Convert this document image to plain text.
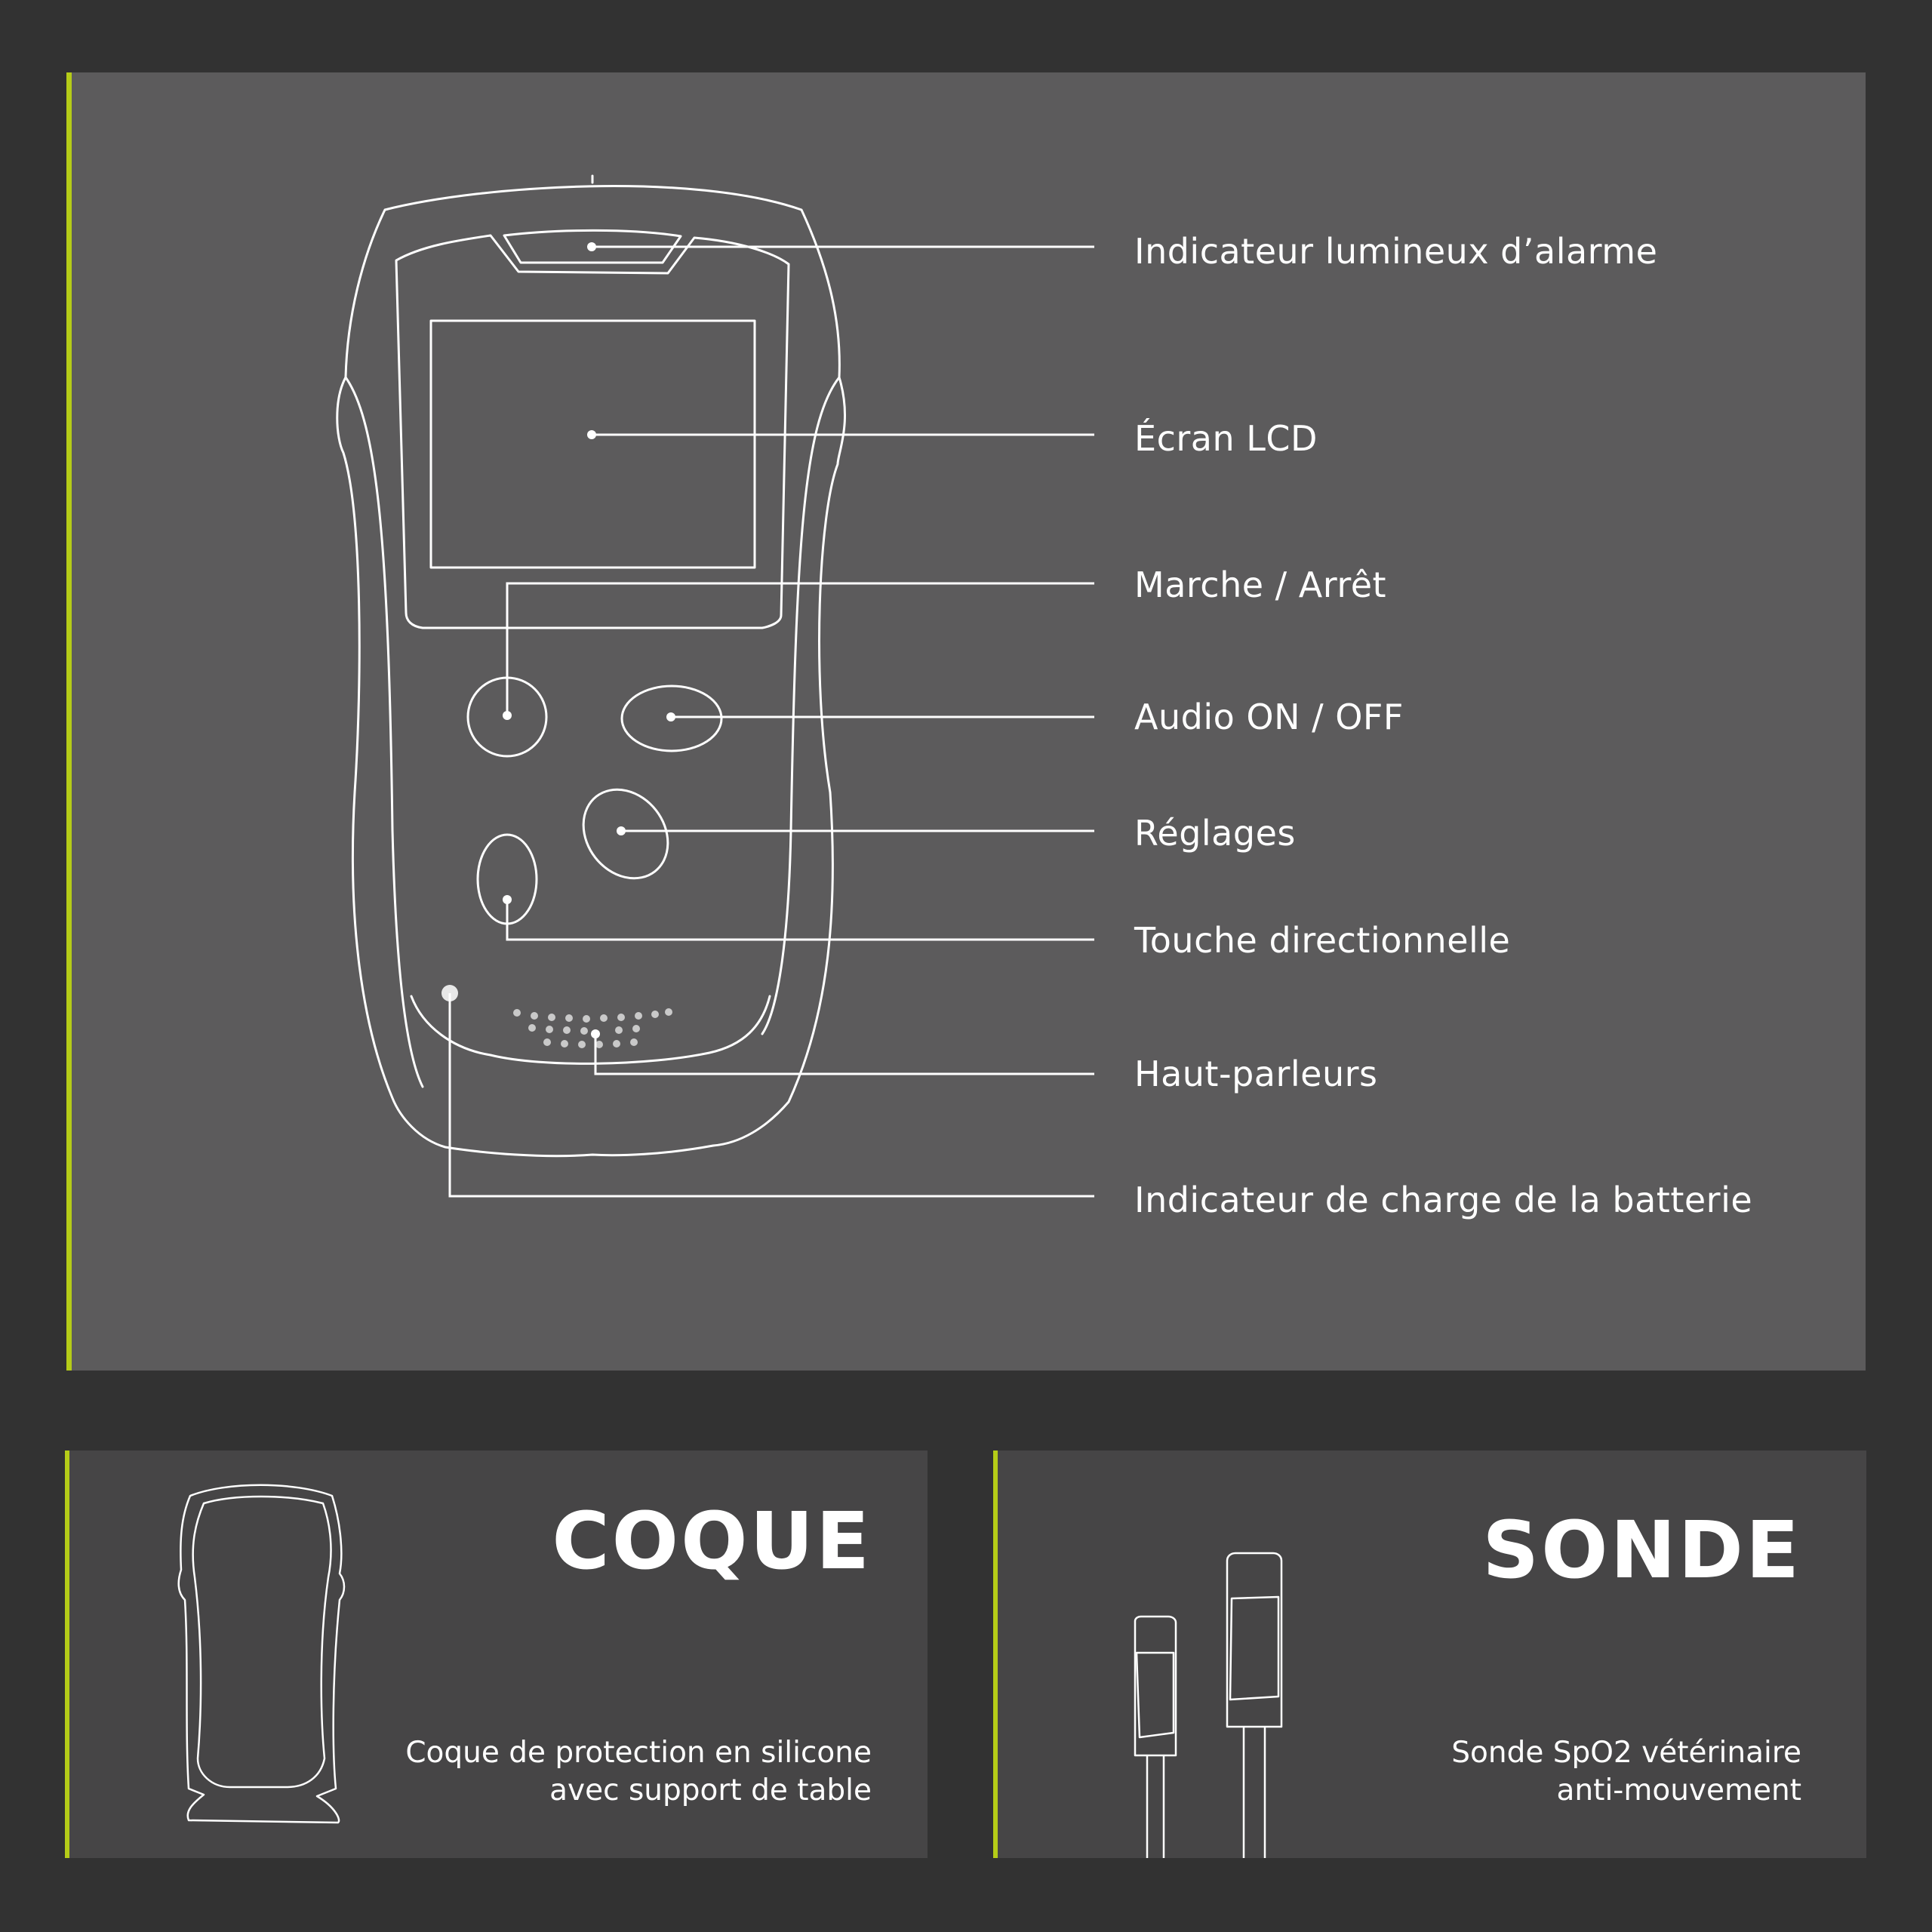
Indicateur lumineux d’alarme
Écran LCD
Marche / Arrêt
Audio ON / OFF
Réglages
Touche directionnelle
Haut-parleurs
Indicateur de charge de la batterie
COQUE
Coque de protection en silicone
avec support de table
SONDE
Sonde SpO2 vétérinaire
anti-mouvement
